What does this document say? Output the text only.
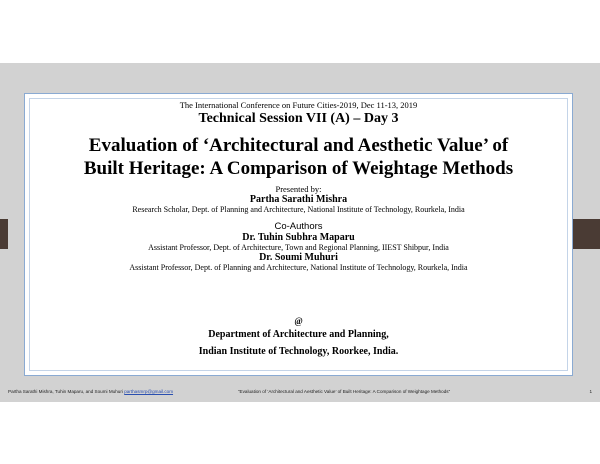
The International Conference on Future Cities-2019, Dec 11-13, 2019
Technical Session VII (A) – Day 3
Evaluation of ‘Architectural and Aesthetic Value’ of
Built Heritage: A Comparison of Weightage Methods
Presented by:
Partha Sarathi Mishra
Research Scholar, Dept. of Planning and Architecture, National Institute of Technology, Rourkela, India
Co-Authors
Dr. Tuhin Subhra Maparu
Assistant Professor, Dept. of Architecture, Town and Regional Planning, IIEST Shibpur, India
Dr. Soumi Muhuri
Assistant Professor, Dept. of Planning and Architecture, National Institute of Technology, Rourkela, India
@
Department of Architecture and Planning,
Indian Institute of Technology, Roorkee, India.
Partha Sarathi Mishra, Tuhin Maparu, and Soumi Muhuri parthasmrp@gmail.com	“Evaluation of ‘Architectural and Aesthetic Value’ of Built Heritage: A Comparison of Weightage Methods”	1
